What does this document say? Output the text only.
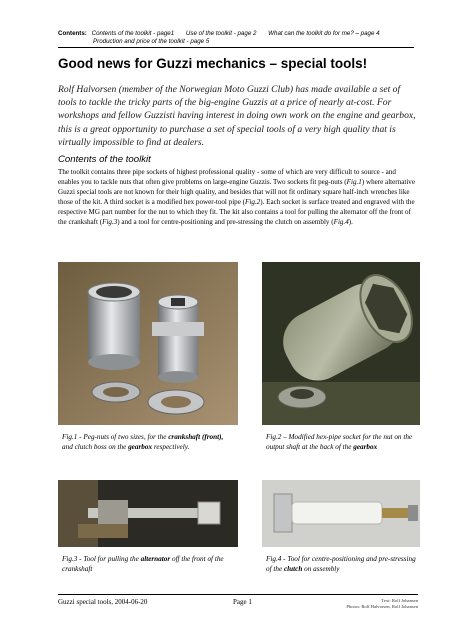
Contents: Contents of the toolkit - page1 Use of the toolkit - page 2 What can the toolkit do for me? – page 4
Production and price of the toolkit - page 5
Good news for Guzzi mechanics – special tools!
Rolf Halvorsen (member of the Norwegian Moto Guzzi Club) has made available a set of tools to tackle the tricky parts of the big-engine Guzzis at a price of nearly at-cost. For workshops and fellow Guzzisti having interest in doing own work on the engine and gearbox, this is a great opportunity to purchase a set of special tools of a very high quality that is virtually impossible to find at dealers.
Contents of the toolkit

The toolkit contains three pipe sockets of highest professional quality - some of which are very difficult to source - and enables you to tackle nuts that often give problems on large-engine Guzzis. Two sockets fit peg-nuts (Fig.1) where alternative Guzzi special tools are not known for their high quality, and besides that will not fit ordinary square half-inch wrenches like those of the kit. A third socket is a modified hex power-tool pipe (Fig.2). Each socket is surface treated and engraved with the respective MG part number for the nut to which they fit. The kit also contains a tool for pulling the alternator off the front of the crankshaft (Fig.3) and a tool for centre-positioning and pre-stressing the clutch on assembly (Fig.4).

Fig.1 - Peg-nuts of two sizes, for the crankshaft (front), and clutch boss on the gearbox respectively.
Fig.2 – Modified hex-pipe socket for the nut on the output shaft at the back of the gearbox
Fig.3 - Tool for pulling the alternator off the front of the crankshaft
Fig.4 - Tool for centre-positioning and pre-stressing of the clutch on assembly
Guzzi special tools, 2004-06-20	Page 1	Text: Rolf Johansen
Photos: Rolf Halvorsen, Rolf Johansen
